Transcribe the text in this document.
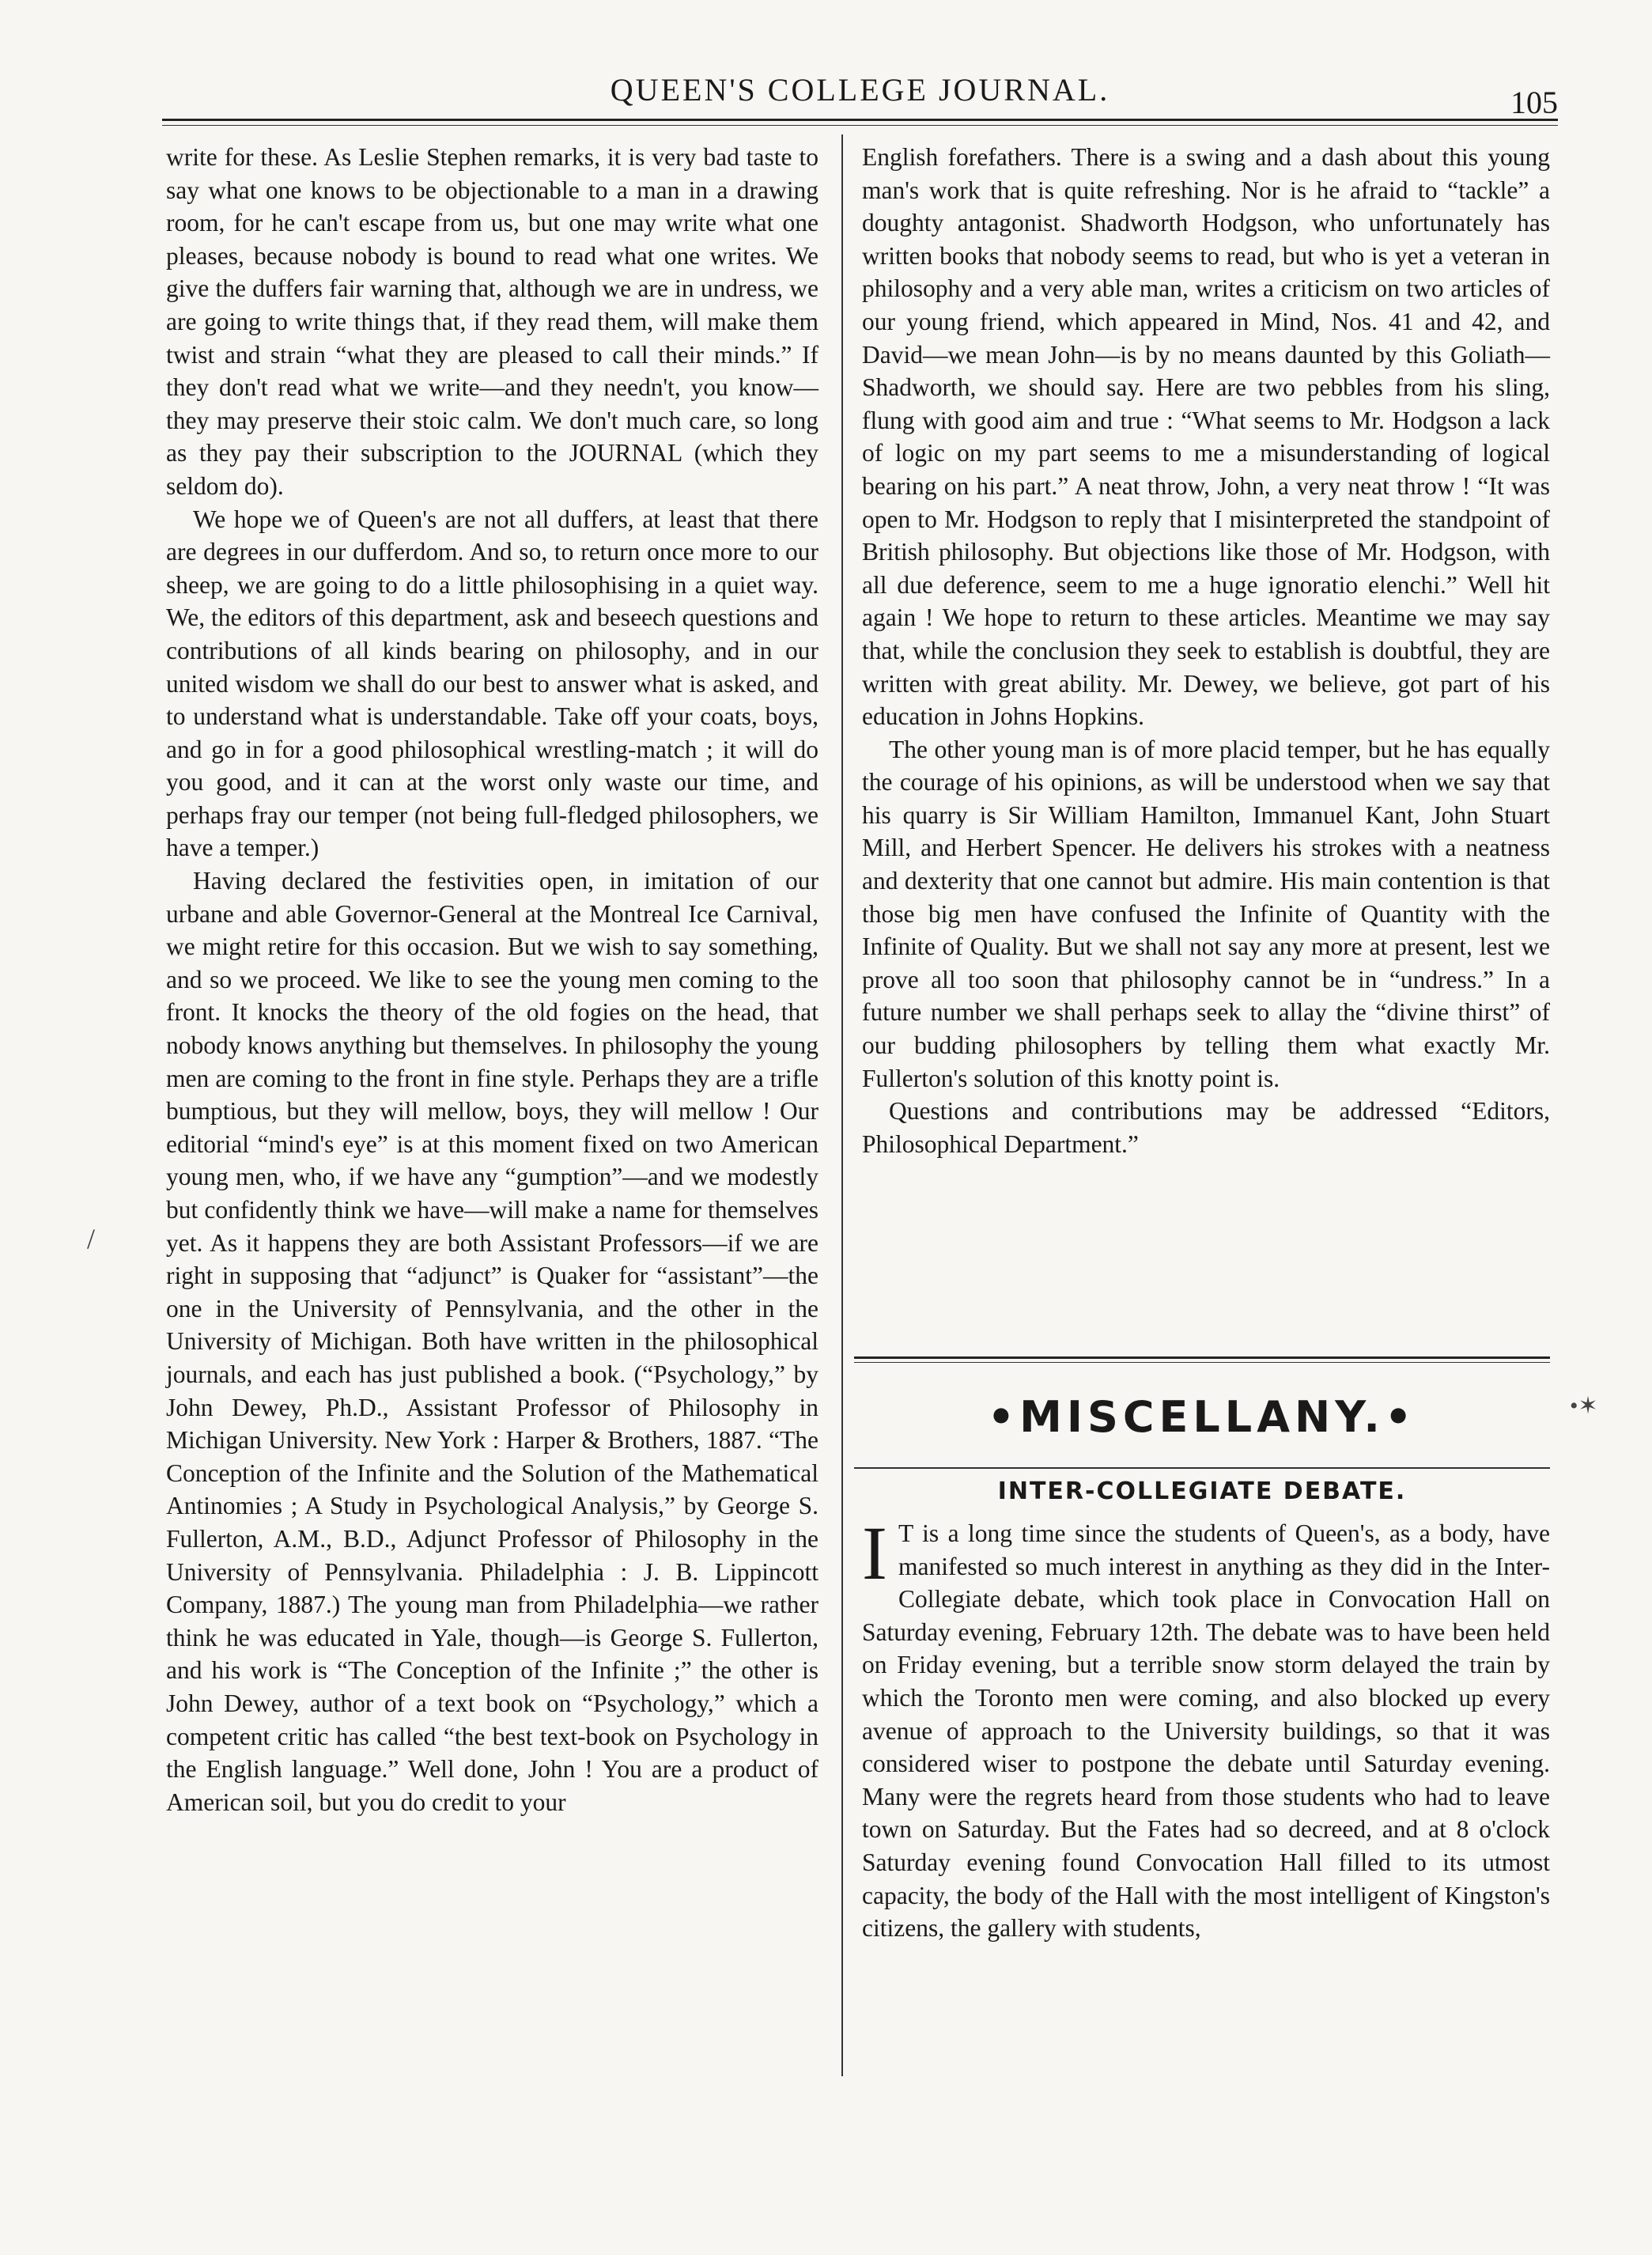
QUEEN'S COLLEGE JOURNAL.	105

write for these. As Leslie Stephen remarks, it is very bad taste to say what one knows to be objectionable to a man in a drawing room, for he can't escape from us, but one may write what one pleases, because nobody is bound to read what one writes. We give the duffers fair warning that, although we are in undress, we are going to write things that, if they read them, will make them twist and strain “what they are pleased to call their minds.” If they don't read what we write—and they needn't, you know—they may preserve their stoic calm. We don't much care, so long as they pay their subscription to the JOURNAL (which they seldom do).

We hope we of Queen's are not all duffers, at least that there are degrees in our dufferdom. And so, to return once more to our sheep, we are going to do a little philosophising in a quiet way. We, the editors of this department, ask and beseech questions and contributions of all kinds bearing on philosophy, and in our united wisdom we shall do our best to answer what is asked, and to understand what is understandable. Take off your coats, boys, and go in for a good philosophical wrestling-match ; it will do you good, and it can at the worst only waste our time, and perhaps fray our temper (not being full-fledged philosophers, we have a temper.)

Having declared the festivities open, in imitation of our urbane and able Governor-General at the Montreal Ice Carnival, we might retire for this occasion. But we wish to say something, and so we proceed. We like to see the young men coming to the front. It knocks the theory of the old fogies on the head, that nobody knows anything but themselves. In philosophy the young men are coming to the front in fine style. Perhaps they are a trifle bumptious, but they will mellow, boys, they will mellow ! Our editorial “mind's eye” is at this moment fixed on two American young men, who, if we have any “gumption”—and we modestly but confidently think we have—will make a name for themselves yet. As it happens they are both Assistant Professors—if we are right in supposing that “adjunct” is Quaker for “assistant”—the one in the University of Pennsylvania, and the other in the University of Michigan. Both have written in the philosophical journals, and each has just published a book. (“Psychology,” by John Dewey, Ph.D., Assistant Professor of Philosophy in Michigan University. New York : Harper & Brothers, 1887. “The Conception of the Infinite and the Solution of the Mathematical Antinomies ; A Study in Psychological Analysis,” by George S. Fullerton, A.M., B.D., Adjunct Professor of Philosophy in the University of Pennsylvania. Philadelphia : J. B. Lippincott Company, 1887.) The young man from Philadelphia—we rather think he was educated in Yale, though—is George S. Fullerton, and his work is “The Conception of the Infinite ;” the other is John Dewey, author of a text book on “Psychology,” which a competent critic has called “the best text-book on Psychology in the English language.” Well done, John ! You are a product of American soil, but you do credit to your

English forefathers. There is a swing and a dash about this young man's work that is quite refreshing. Nor is he afraid to “tackle” a doughty antagonist. Shadworth Hodgson, who unfortunately has written books that nobody seems to read, but who is yet a veteran in philosophy and a very able man, writes a criticism on two articles of our young friend, which appeared in Mind, Nos. 41 and 42, and David—we mean John—is by no means daunted by this Goliath—Shadworth, we should say. Here are two pebbles from his sling, flung with good aim and true : “What seems to Mr. Hodgson a lack of logic on my part seems to me a misunderstanding of logical bearing on his part.” A neat throw, John, a very neat throw ! “It was open to Mr. Hodgson to reply that I misinterpreted the standpoint of British philosophy. But objections like those of Mr. Hodgson, with all due deference, seem to me a huge ignoratio elenchi.” Well hit again ! We hope to return to these articles. Meantime we may say that, while the conclusion they seek to establish is doubtful, they are written with great ability. Mr. Dewey, we believe, got part of his education in Johns Hopkins.

The other young man is of more placid temper, but he has equally the courage of his opinions, as will be understood when we say that his quarry is Sir William Hamilton, Immanuel Kant, John Stuart Mill, and Herbert Spencer. He delivers his strokes with a neatness and dexterity that one cannot but admire. His main contention is that those big men have confused the Infinite of Quantity with the Infinite of Quality. But we shall not say any more at present, lest we prove all too soon that philosophy cannot be in “undress.” In a future number we shall perhaps seek to allay the “divine thirst” of our budding philosophers by telling them what exactly Mr. Fullerton's solution of this knotty point is.

Questions and contributions may be addressed “Editors, Philosophical Department.”

•MISCELLANY.•
INTER-COLLEGIATE DEBATE.
I T is a long time since the students of Queen's, as a body, have manifested so much interest in anything as they did in the Inter-Collegiate debate, which took place in Convocation Hall on Saturday evening, February 12th. The debate was to have been held on Friday evening, but a terrible snow storm delayed the train by which the Toronto men were coming, and also blocked up every avenue of approach to the University buildings, so that it was considered wiser to postpone the debate until Saturday evening. Many were the regrets heard from those students who had to leave town on Saturday. But the Fates had so decreed, and at 8 o'clock Saturday evening found Convocation Hall filled to its utmost capacity, the body of the Hall with the most intelligent of Kingston's citizens, the gallery with students,
/
•✶
